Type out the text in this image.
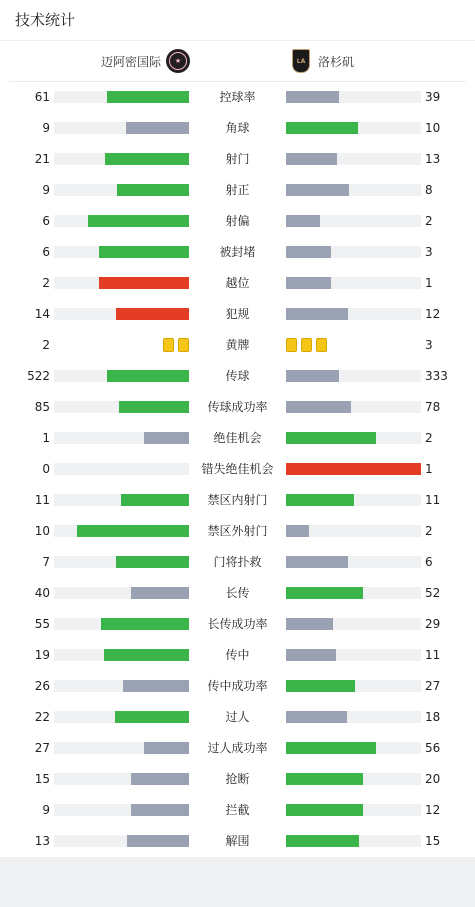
技术统计
迈阿密国际	★	LA	洛杉矶
61	控球率	39
9	角球	10
21	射门	13
9	射正	8
6	射偏	2
6	被封堵	3
2	越位	1
14	犯规	12
2	黄牌	3
522	传球	333
85	传球成功率	78
1	绝佳机会	2
0	错失绝佳机会	1
11	禁区内射门	11
10	禁区外射门	2
7	门将扑救	6
40	长传	52
55	长传成功率	29
19	传中	11
26	传中成功率	27
22	过人	18
27	过人成功率	56
15	抢断	20
9	拦截	12
13	解围	15
